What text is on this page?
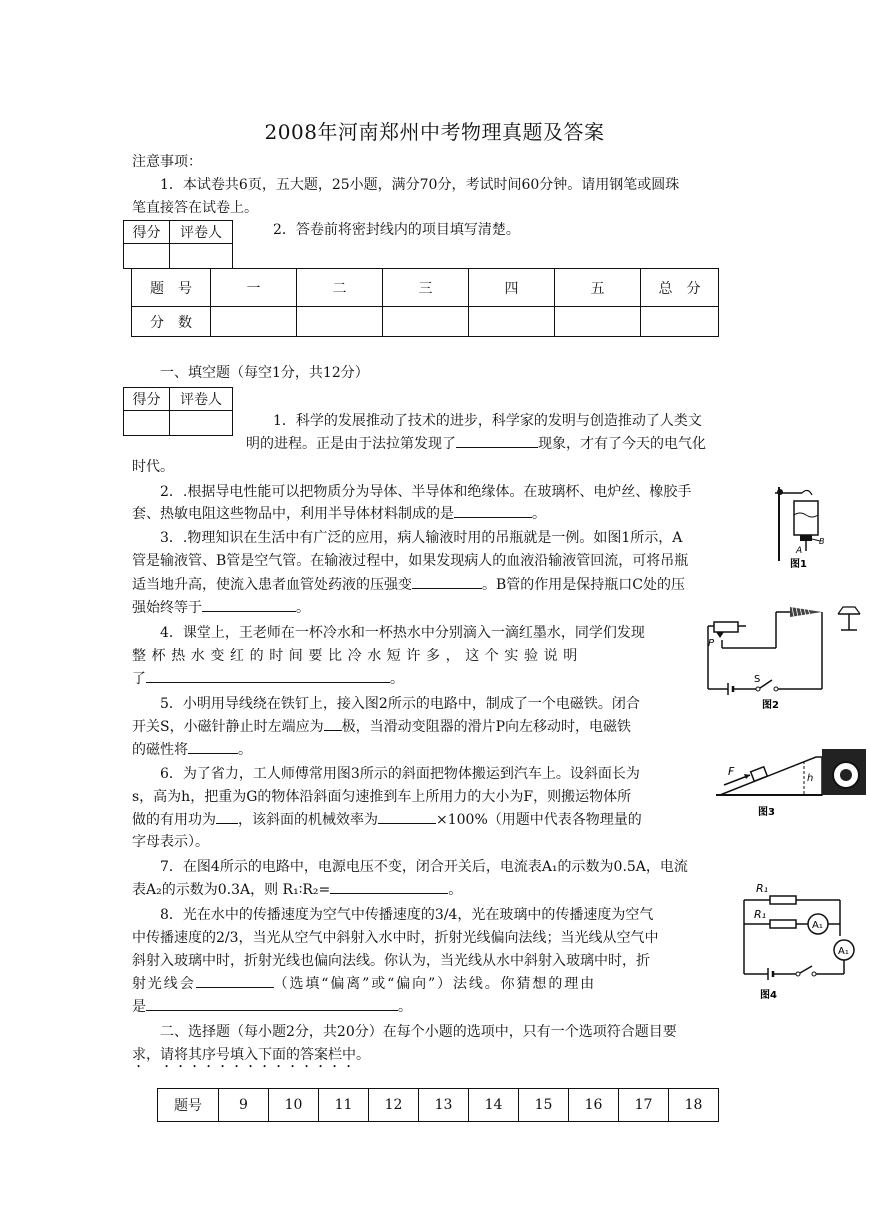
2008年河南郑州中考物理真题及答案
注意事项：
1．本试卷共6页，五大题，25小题，满分70分，考试时间60分钟。请用钢笔或圆珠
笔直接答在试卷上。
得分	评卷人
		2．答卷前将密封线内的项目填写清楚。
题　号	一	二	三	四	五	总　分
分　数						
一、填空题（每空1分，共12分）
得分	评卷人

1．科学的发展推动了技术的进步，科学家的发明与创造推动了人类文
明的进程。正是由于法拉第发现了	现象，才有了今天的电气化
时代。
2．.根据导电性能可以把物质分为导体、半导体和绝缘体。在玻璃杯、电炉丝、橡胶手
套、热敏电阻这些物品中，利用半导体材料制成的是	。
3．.物理知识在生活中有广泛的应用，病人输液时用的吊瓶就是一例。如图1所示，A
管是输液管、B管是空气管。在输液过程中，如果发现病人的血液沿输液管回流，可将吊瓶
适当地升高，使流入患者血管处药液的压强变	。B管的作用是保持瓶口C处的压
强始终等于	。
4．课堂上，王老师在一杯冷水和一杯热水中分别滴入一滴红墨水，同学们发现
整杯热水变红的时间要比冷水短许多，这个实验说明
了	。
5．小明用导线绕在铁钉上，接入图2所示的电路中，制成了一个电磁铁。闭合
开关S，小磁针静止时左端应为 极，当滑动变阻器的滑片P向左移动时，电磁铁
的磁性将	。
6．为了省力，工人师傅常用图3所示的斜面把物体搬运到汽车上。设斜面长为
s，高为h，把重为G的物体沿斜面匀速推到车上所用力的大小为F，则搬运物体所
做的有用功为 ，该斜面的机械效率为	×100%（用题中代表各物理量的
字母表示）。
7．在图4所示的电路中，电源电压不变，闭合开关后，电流表A₁的示数为0.5A，电流
表A₂的示数为0.3A，则 R₁∶R₂=	。
8．光在水中的传播速度为空气中传播速度的3/4，光在玻璃中的传播速度为空气
中传播速度的2/3，当光从空气中斜射入水中时，折射光线偏向法线；当光线从空气中
斜射入玻璃中时，折射光线也偏向法线。你认为，当光线从水中斜射入玻璃中时，折
射光线会	（选填“偏离”或“偏向”）法线。你猜想的理由
是	。
二、选择题（每小题2分，共20分）在每个小题的选项中，只有一个选项符合题目要
求，请将其序号填入下面的答案栏中。
题号	9	10	11	12	13	14	15	16	17	18
A
B
图1
P
S
图2
F
h
图3
R₁
R₁
A₁
A₁
图4
